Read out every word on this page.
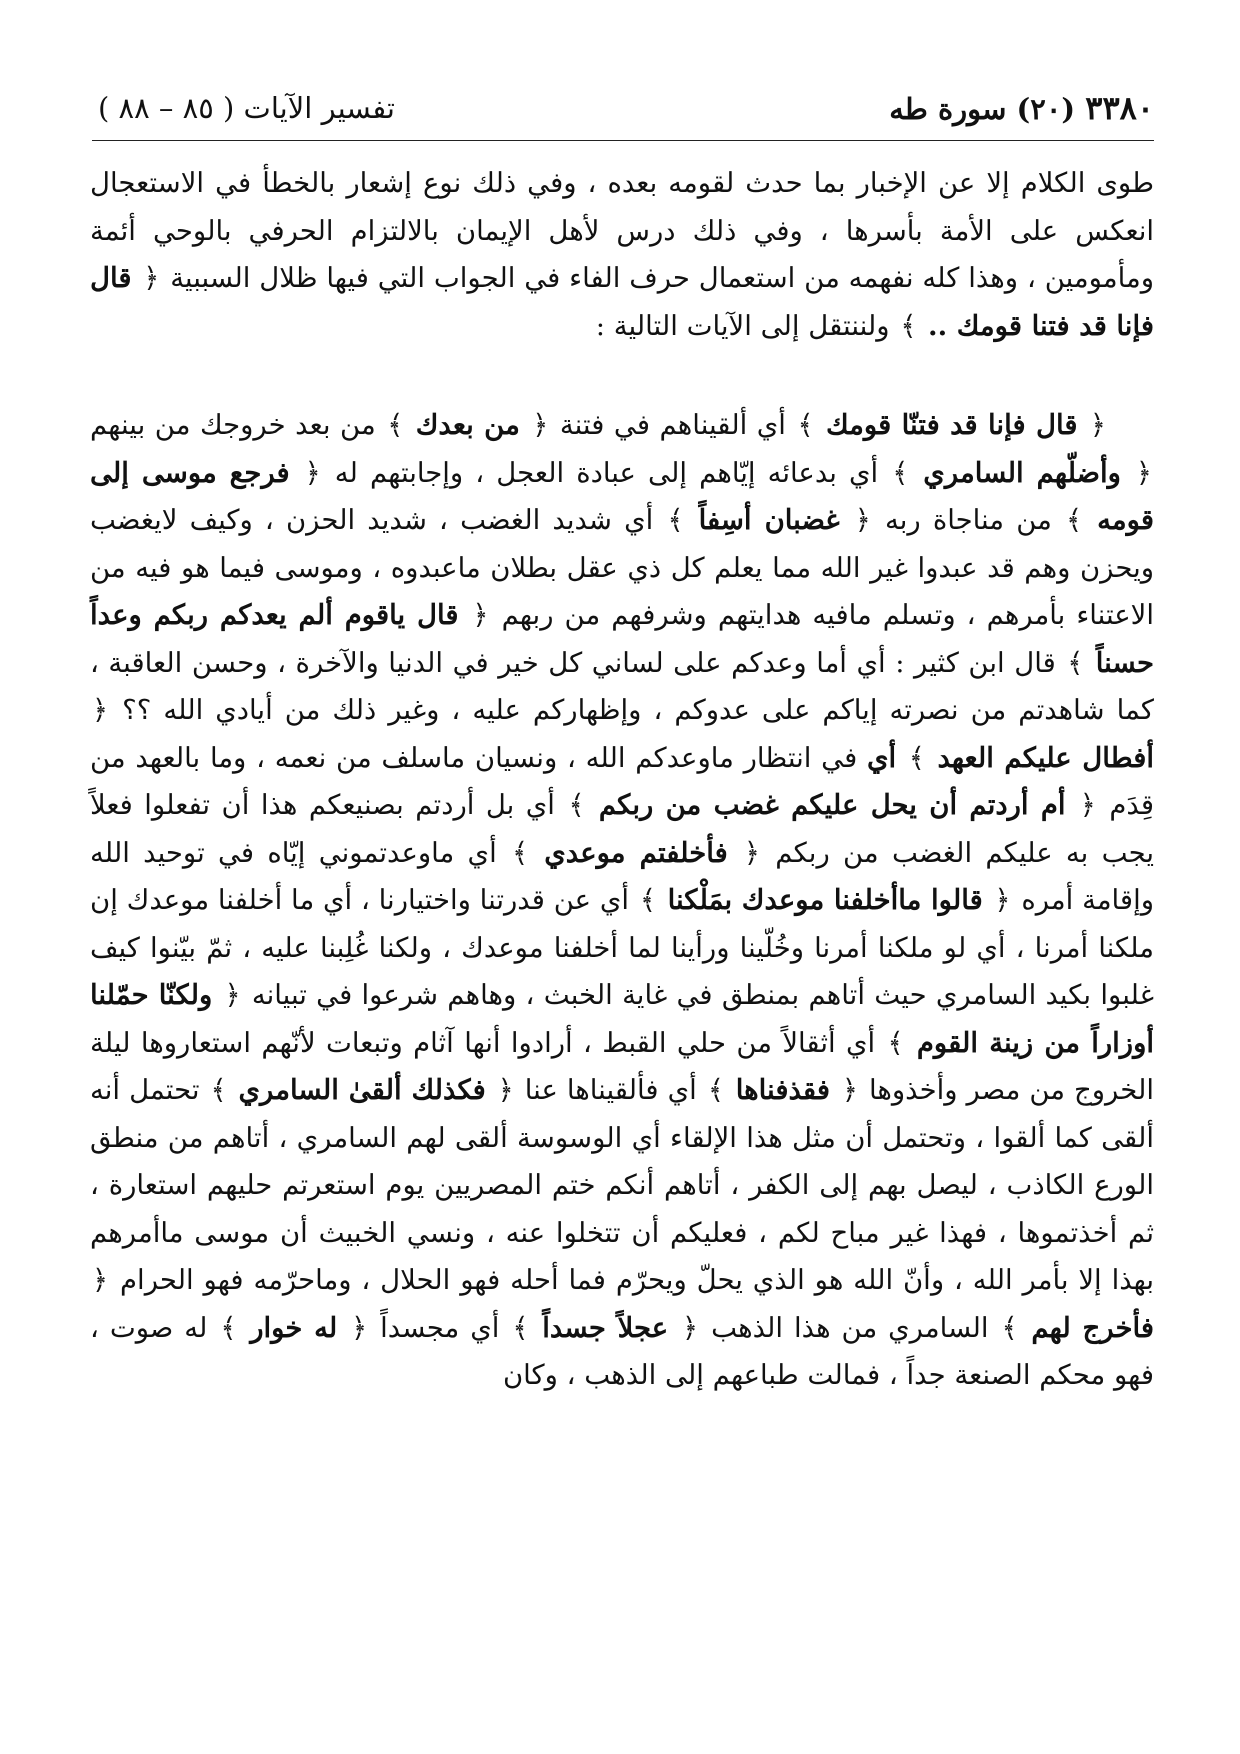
٣٣٨٠ (٢٠) سورة طه
تفسير الآيات ( ٨٥ – ٨٨ )

طوى الكلام إلا عن الإخبار بما حدث لقومه بعده ، وفي ذلك نوع إشعار بالخطأ في الاستعجال انعكس على الأمة بأسرها ، وفي ذلك درس لأهل الإيمان بالالتزام الحرفي بالوحي أئمة ومأمومين ، وهذا كله نفهمه من استعمال حرف الفاء في الجواب التي فيها ظلال السببية ﴿ قال فإنا قد فتنا قومك .. ﴾ ولننتقل إلى الآيات التالية :

﴿ قال فإنا قد فتنّا قومك ﴾ أي ألقيناهم في فتنة ﴿ من بعدك ﴾ من بعد خروجك من بينهم ﴿ وأضلّهم السامري ﴾ أي بدعائه إيّاهم إلى عبادة العجل ، وإجابتهم له ﴿ فرجع موسى إلى قومه ﴾ من مناجاة ربه ﴿ غضبان أسِفاً ﴾ أي شديد الغضب ، شديد الحزن ، وكيف لايغضب ويحزن وهم قد عبدوا غير الله مما يعلم كل ذي عقل بطلان ماعبدوه ، وموسى فيما هو فيه من الاعتناء بأمرهم ، وتسلم مافيه هدايتهم وشرفهم من ربهم ﴿ قال ياقوم ألم يعدكم ربكم وعداً حسناً ﴾ قال ابن كثير : أي أما وعدكم على لساني كل خير في الدنيا والآخرة ، وحسن العاقبة ، كما شاهدتم من نصرته إياكم على عدوكم ، وإظهاركم عليه ، وغير ذلك من أيادي الله ؟؟ ﴿ أفطال عليكم العهد ﴾ أي في انتظار ماوعدكم الله ، ونسيان ماسلف من نعمه ، وما بالعهد من قِدَم ﴿ أم أردتم أن يحل عليكم غضب من ربكم ﴾ أي بل أردتم بصنيعكم هذا أن تفعلوا فعلاً يجب به عليكم الغضب من ربكم ﴿ فأخلفتم موعدي ﴾ أي ماوعدتموني إيّاه في توحيد الله وإقامة أمره ﴿ قالوا ماأخلفنا موعدك بمَلْكنا ﴾ أي عن قدرتنا واختيارنا ، أي ما أخلفنا موعدك إن ملكنا أمرنا ، أي لو ملكنا أمرنا وخُلّينا ورأينا لما أخلفنا موعدك ، ولكنا غُلِبنا عليه ، ثمّ بيّنوا كيف غلبوا بكيد السامري حيث أتاهم بمنطق في غاية الخبث ، وهاهم شرعوا في تبيانه ﴿ ولكنّا حمّلنا أوزاراً من زينة القوم ﴾ أي أثقالاً من حلي القبط ، أرادوا أنها آثام وتبعات لأنّهم استعاروها ليلة الخروج من مصر وأخذوها ﴿ فقذفناها ﴾ أي فألقيناها عنا ﴿ فكذلك ألقىٰ السامري ﴾ تحتمل أنه ألقى كما ألقوا ، وتحتمل أن مثل هذا الإلقاء أي الوسوسة ألقى لهم السامري ، أتاهم من منطق الورع الكاذب ، ليصل بهم إلى الكفر ، أتاهم أنكم ختم المصريين يوم استعرتم حليهم استعارة ، ثم أخذتموها ، فهذا غير مباح لكم ، فعليكم أن تتخلوا عنه ، ونسي الخبيث أن موسى ماأمرهم بهذا إلا بأمر الله ، وأنّ الله هو الذي يحلّ ويحرّم فما أحله فهو الحلال ، وماحرّمه فهو الحرام ﴿ فأخرج لهم ﴾ السامري من هذا الذهب ﴿ عجلاً جسداً ﴾ أي مجسداً ﴿ له خوار ﴾ له صوت ، فهو محكم الصنعة جداً ، فمالت طباعهم إلى الذهب ، وكان
